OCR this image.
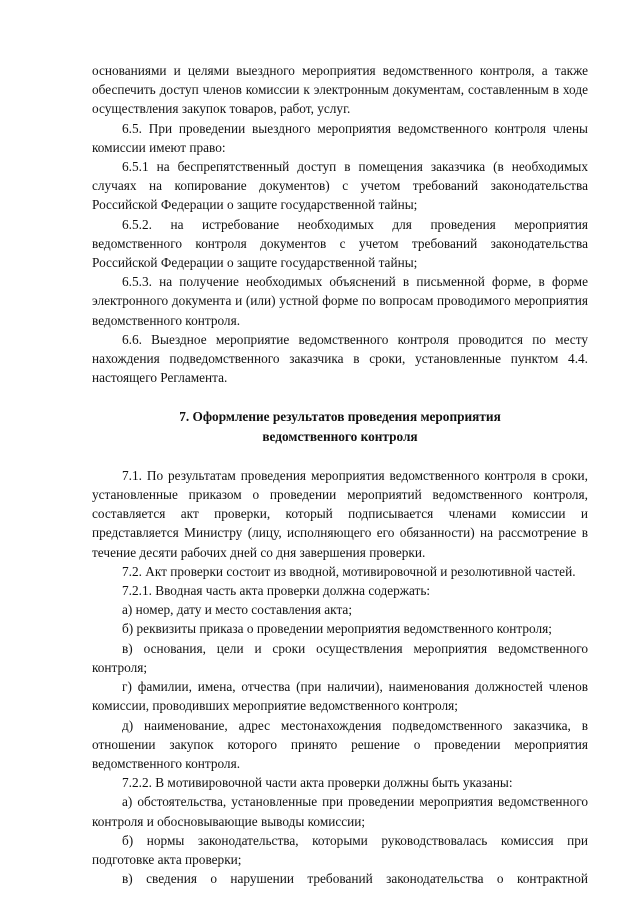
основаниями и целями выездного мероприятия ведомственного контроля, а также обеспечить доступ членов комиссии к электронным документам, составленным в ходе осуществления закупок товаров, работ, услуг.

6.5. При проведении выездного мероприятия ведомственного контроля члены комиссии имеют право:

6.5.1 на беспрепятственный доступ в помещения заказчика (в необходимых случаях на копирование документов) с учетом требований законодательства Российской Федерации о защите государственной тайны;

6.5.2. на истребование необходимых для проведения мероприятия ведомственного контроля документов с учетом требований законодательства Российской Федерации о защите государственной тайны;

6.5.3. на получение необходимых объяснений в письменной форме, в форме электронного документа и (или) устной форме по вопросам проводимого мероприятия ведомственного контроля.

6.6. Выездное мероприятие ведомственного контроля проводится по месту нахождения подведомственного заказчика в сроки, установленные пунктом 4.4. настоящего Регламента.

7. Оформление результатов проведения мероприятия
ведомственного контроля

7.1. По результатам проведения мероприятия ведомственного контроля в сроки, установленные приказом о проведении мероприятий ведомственного контроля, составляется акт проверки, который подписывается членами комиссии и представляется Министру (лицу, исполняющего его обязанности) на рассмотрение в течение десяти рабочих дней со дня завершения проверки.

7.2. Акт проверки состоит из вводной, мотивировочной и резолютивной частей.

7.2.1. Вводная часть акта проверки должна содержать:

а) номер, дату и место составления акта;

б) реквизиты приказа о проведении мероприятия ведомственного контроля;

в) основания, цели и сроки осуществления мероприятия ведомственного контроля;

г) фамилии, имена, отчества (при наличии), наименования должностей членов комиссии, проводивших мероприятие ведомственного контроля;

д) наименование, адрес местонахождения подведомственного заказчика, в отношении закупок которого принято решение о проведении мероприятия ведомственного контроля.

7.2.2. В мотивировочной части акта проверки должны быть указаны:

а) обстоятельства, установленные при проведении мероприятия ведомственного контроля и обосновывающие выводы комиссии;

б) нормы законодательства, которыми руководствовалась комиссия при подготовке акта проверки;

в) сведения о нарушении требований законодательства о контрактной
